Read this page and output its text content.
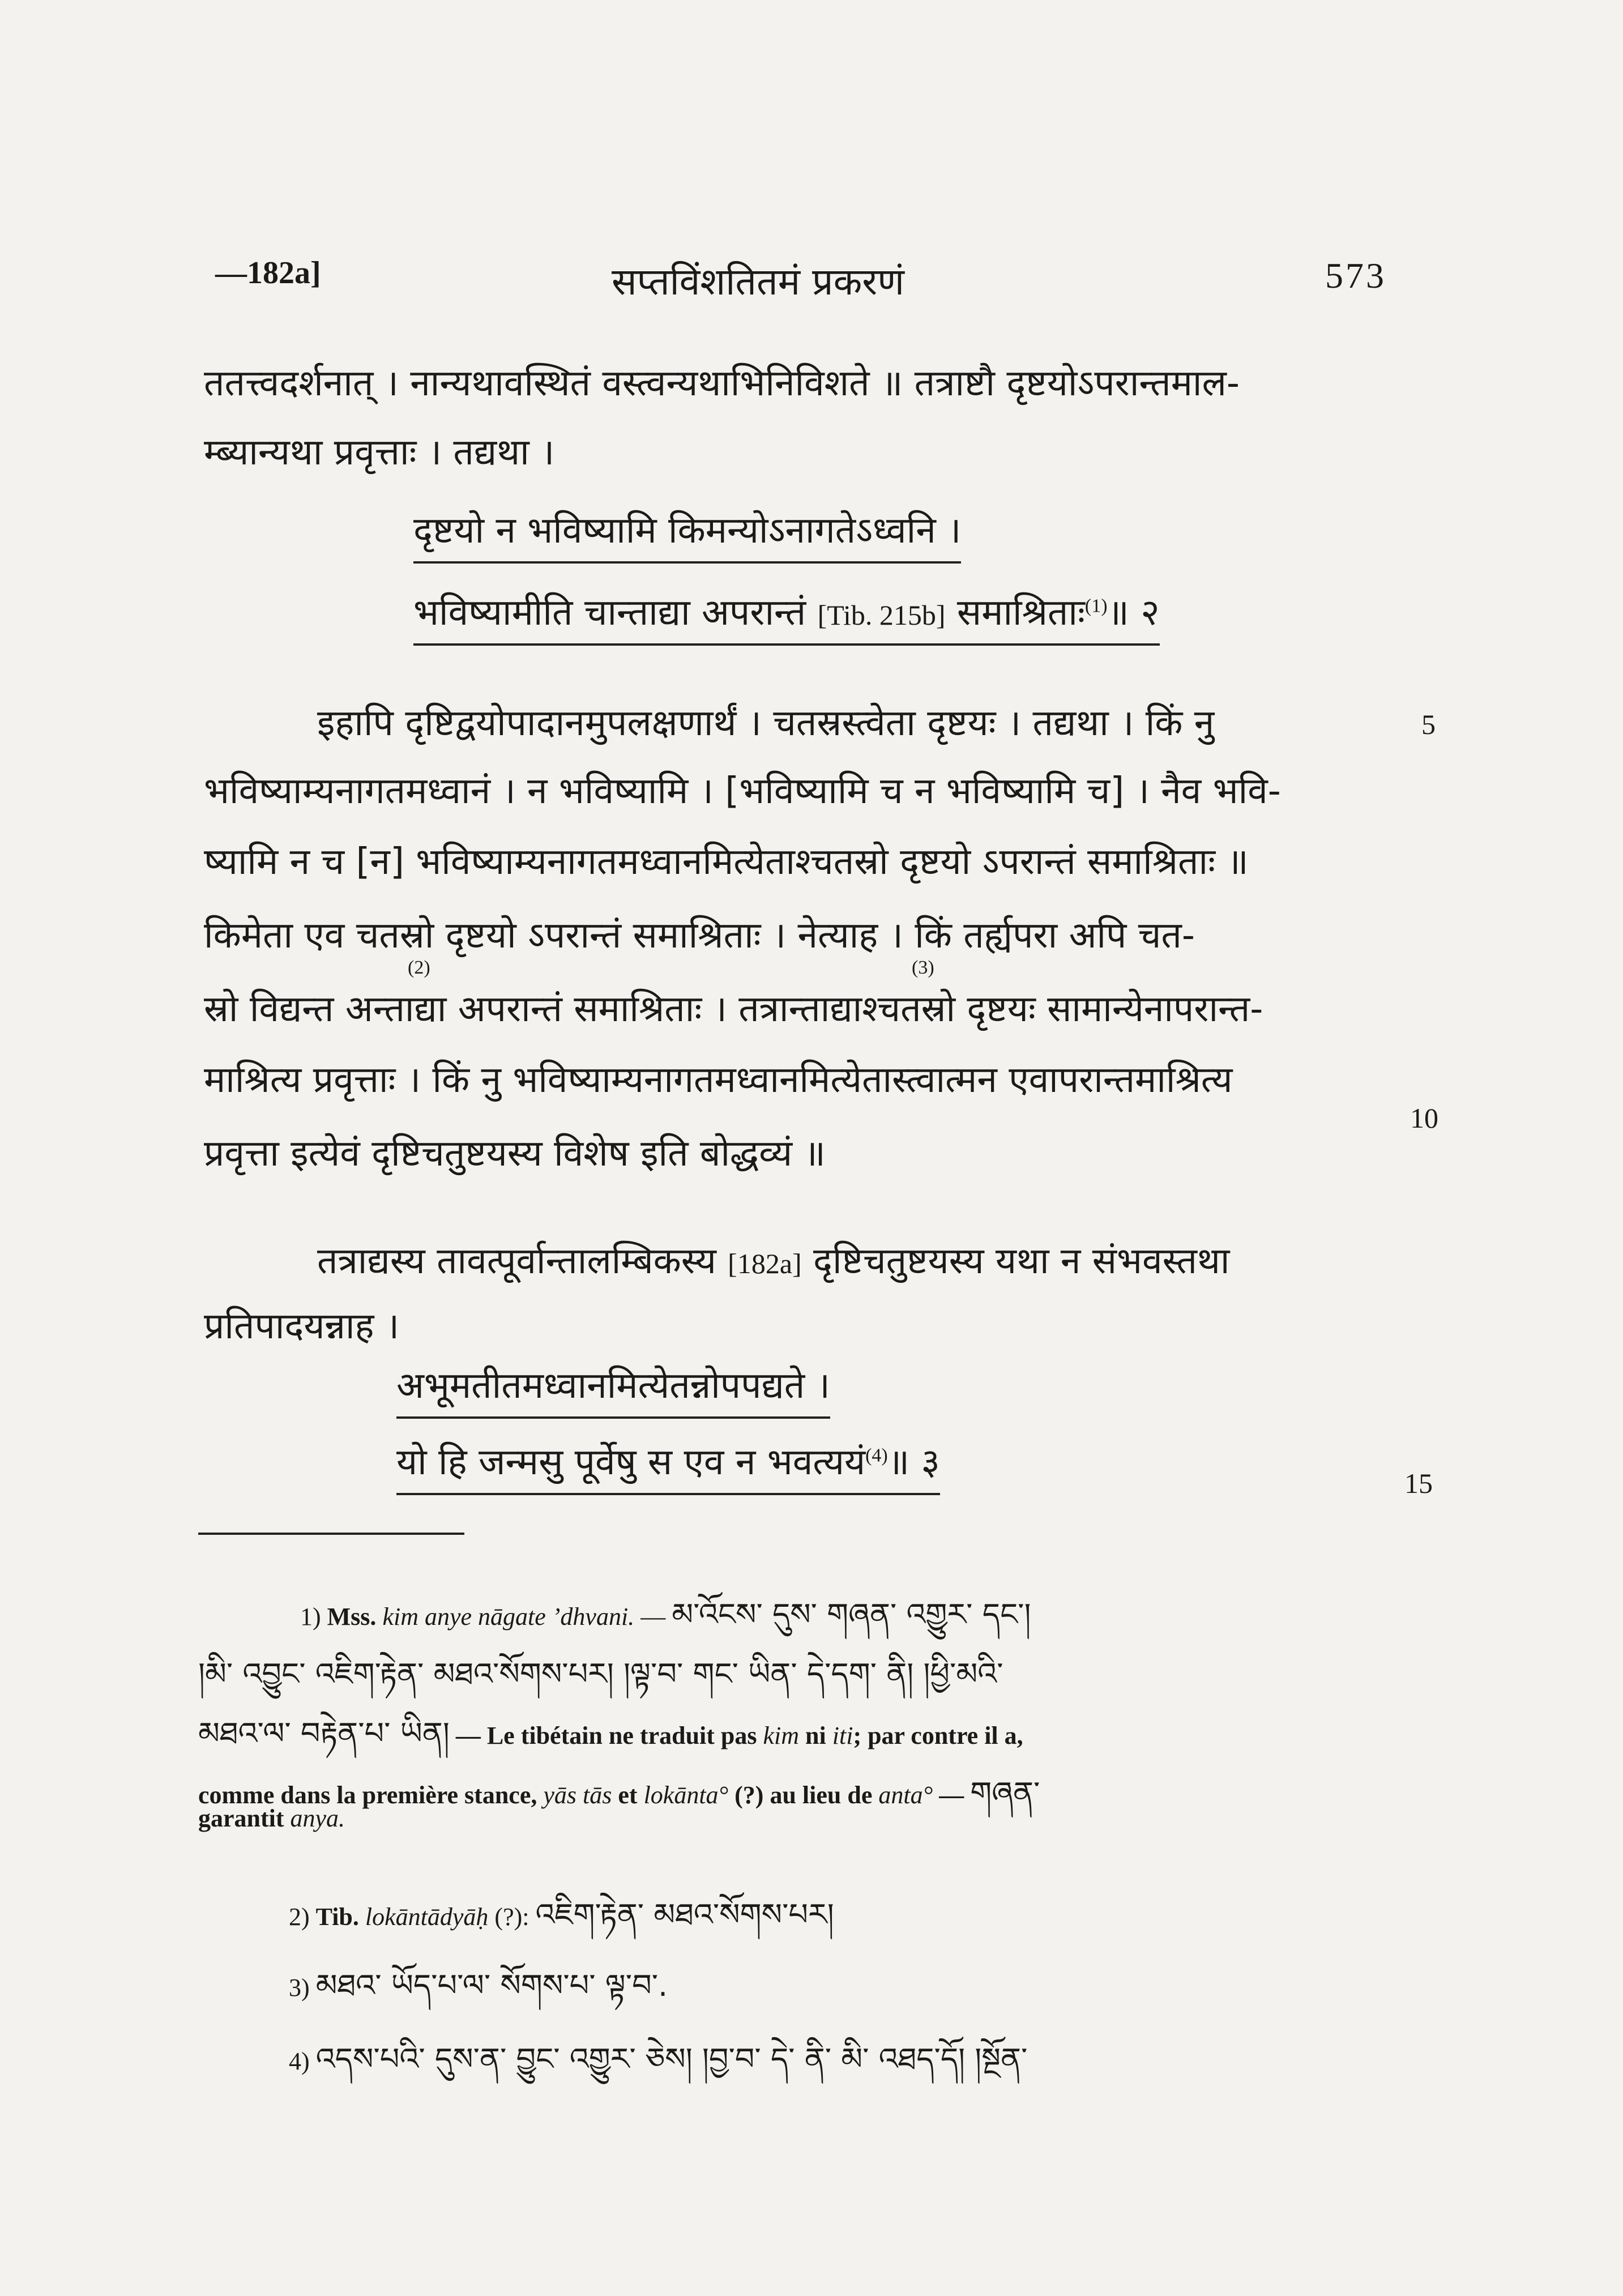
—182a]	सप्तविंशतितमं प्रकरणं	573
ततत्त्वदर्शनात् । नान्यथावस्थितं वस्त्वन्यथाभिनिविशते ॥ तत्राष्टौ दृष्टयोऽपरान्तमाल-
म्ब्यान्यथा प्रवृत्ताः । तद्यथा ।
दृष्टयो न भविष्यामि किमन्योऽनागतेऽध्वनि ।
भविष्यामीति चान्ताद्या अपरान्तं [Tib. 215b] समाश्रिताः$^{(1)}$॥ २
इहापि दृष्टिद्वयोपादानमुपलक्षणार्थं । चतस्रस्त्वेता दृष्टयः । तद्यथा । किं नु	5
भविष्याम्यनागतमध्वानं । न भविष्यामि । [भविष्यामि च न भविष्यामि च] । नैव भवि-
ष्यामि न च [न] भविष्याम्यनागतमध्वानमित्येताश्चतस्रो दृष्टयो ऽपरान्तं समाश्रिताः ॥
किमेता एव चतस्रो दृष्टयो ऽपरान्तं समाश्रिताः । नेत्याह । किं तर्ह्यपरा अपि चत-
(2)	(3)
स्रो विद्यन्त अन्ताद्या अपरान्तं समाश्रिताः । तत्रान्ताद्याश्चतस्रो दृष्टयः सामान्येनापरान्त-
माश्रित्य प्रवृत्ताः । किं नु भविष्याम्यनागतमध्वानमित्येतास्त्वात्मन एवापरान्तमाश्रित्य
10
प्रवृत्ता इत्येवं दृष्टिचतुष्टयस्य विशेष इति बोद्धव्यं ॥
तत्राद्यस्य तावत्पूर्वान्तालम्बिकस्य [182a] दृष्टिचतुष्टयस्य यथा न संभवस्तथा
प्रतिपादयन्नाह ।
अभूमतीतमध्वानमित्येतन्नोपपद्यते ।
यो हि जन्मसु पूर्वेषु स एव न भवत्ययं$^{(4)}$॥ ३	15
1) Mss. kim anye nāgate ’dhvani. — མ་འོངས་ དུས་ གཞན་ འགྱུར་ དང་།
།མི་ འབྱུང་ འཇིག་རྟེན་ མཐའ་སོགས་པར། །ལྟ་བ་ གང་ ཡིན་ དེ་དག་ ནི། །ཕྱི་མའི་
མཐའ་ལ་ བརྟེན་པ་ ཡིན། — Le tibétain ne traduit pas kim ni iti; par contre il a,
comme dans la première stance, yās tās et lokānta° (?) au lieu de anta° — གཞན་
garantit anya.
2) Tib. lokāntādyāḥ (?): འཇིག་རྟེན་ མཐའ་སོགས་པར།
3) མཐའ་ ཡོད་པ་ལ་ སོགས་པ་ ལྟ་བ་.
4) འདས་པའི་ དུས་ན་ བྱུང་ འགྱུར་ ཅེས། །བྱ་བ་ དེ་ ནི་ མི་ འཐད་དོ། །སྔོན་
